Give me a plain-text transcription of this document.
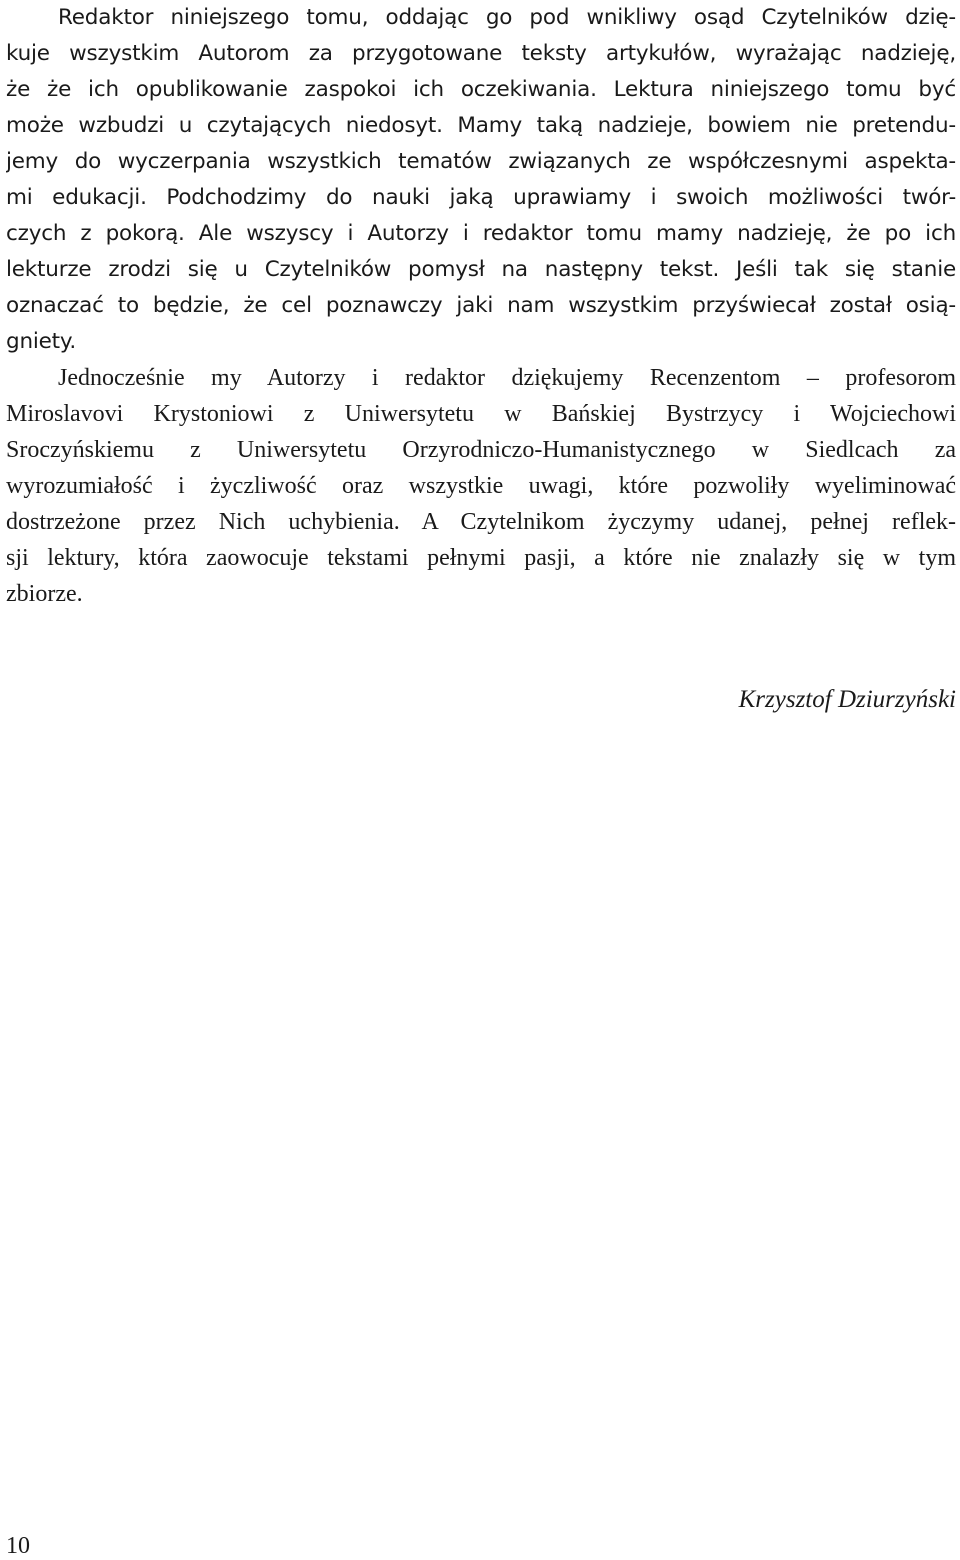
Redaktor niniejszego tomu, oddając go pod wnikliwy osąd Czytelników dzię-
kuje wszystkim Autorom za przygotowane teksty artykułów, wyrażając nadzieję,
że że ich opublikowanie zaspokoi ich oczekiwania. Lektura niniejszego tomu być
może wzbudzi u czytających niedosyt. Mamy taką nadzieje, bowiem nie pretendu-
jemy do wyczerpania wszystkich tematów związanych ze współczesnymi aspekta-
mi edukacji. Podchodzimy do nauki jaką uprawiamy i swoich możliwości twór-
czych z pokorą. Ale wszyscy i Autorzy i redaktor tomu mamy nadzieję, że po ich
lekturze zrodzi się u Czytelników pomysł na następny tekst. Jeśli tak się stanie
oznaczać to będzie, że cel poznawczy jaki nam wszystkim przyświecał został osią-
gniety.
Jednocześnie my Autorzy i redaktor dziękujemy Recenzentom – profesorom
Miroslavovi Krystoniowi z Uniwersytetu w Bańskiej Bystrzycy i Wojciechowi
Sroczyńskiemu z Uniwersytetu Orzyrodniczo-Humanistycznego w Siedlcach za
wyrozumiałość i życzliwość oraz wszystkie uwagi, które pozwoliły wyeliminować
dostrzeżone przez Nich uchybienia. A Czytelnikom życzymy udanej, pełnej reflek-
sji lektury, która zaowocuje tekstami pełnymi pasji, a które nie znalazły się w tym
zbiorze.
Krzysztof Dziurzyński
10
